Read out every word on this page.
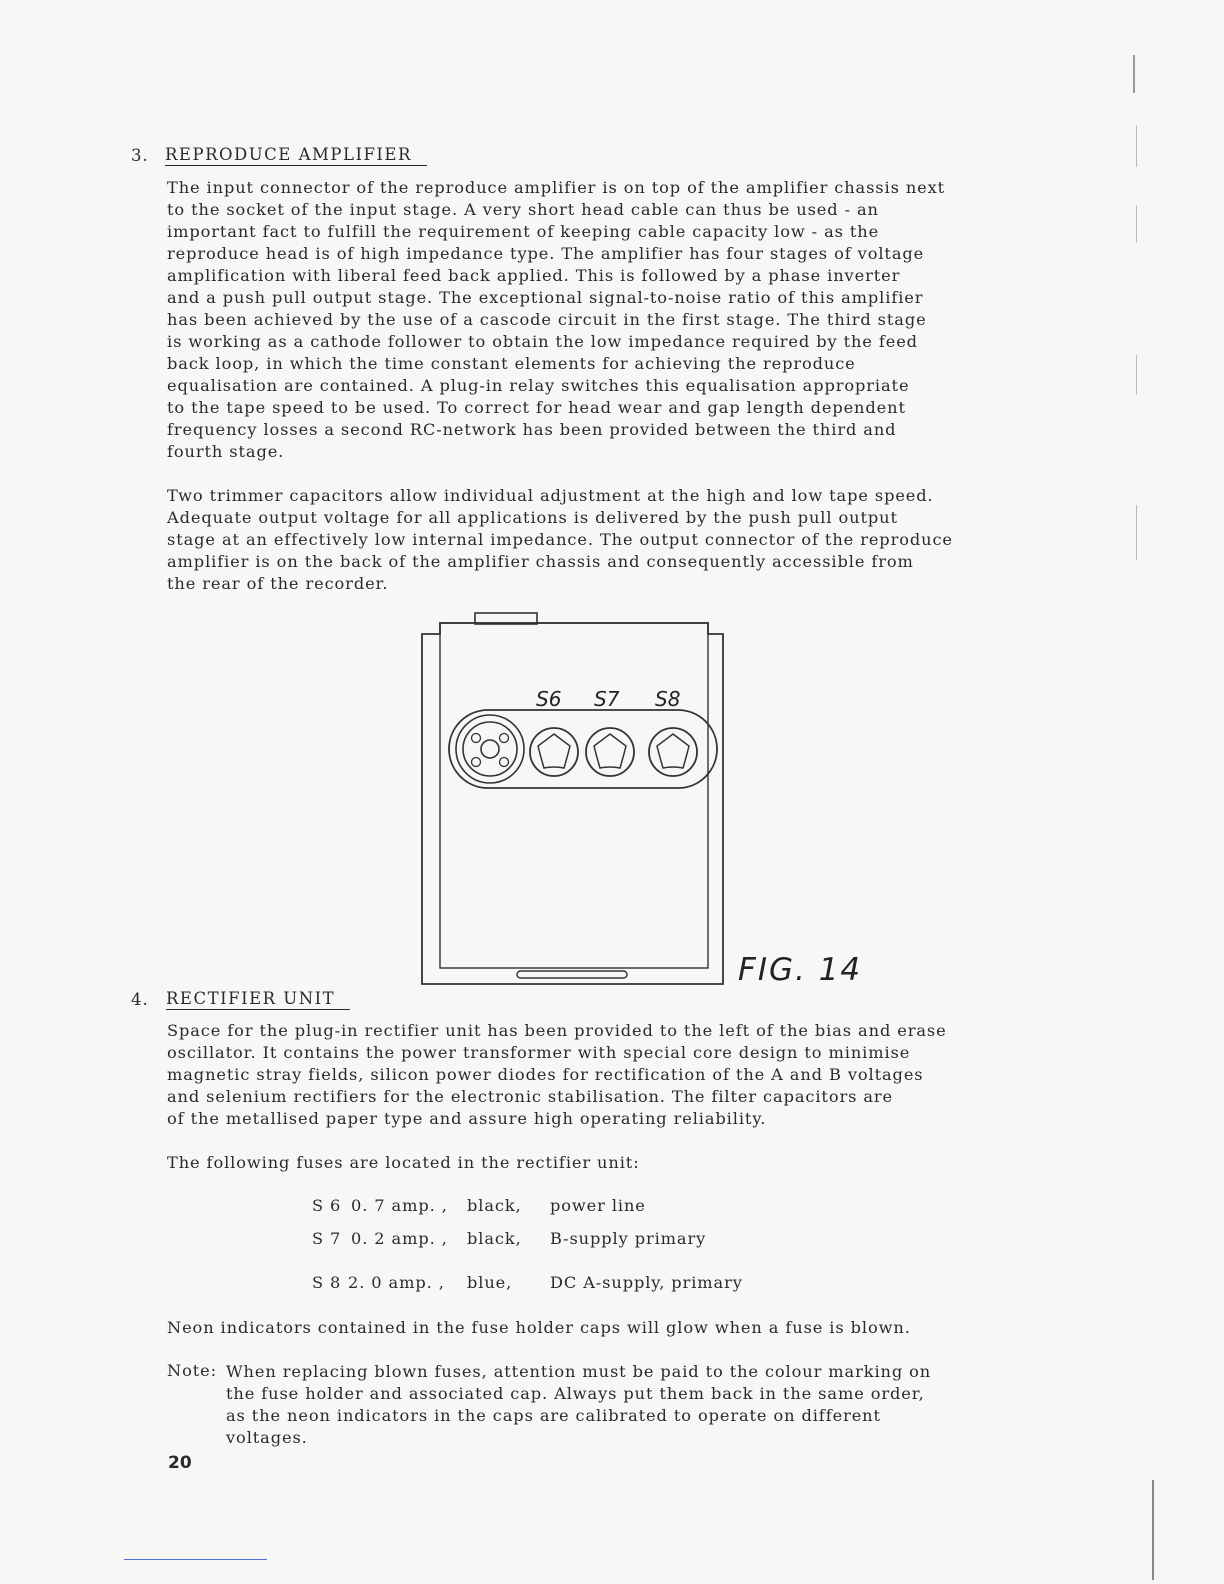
3. REPRODUCE AMPLIFIER
The input connector of the reproduce amplifier is on top of the amplifier chassis next
to the socket of the input stage. A very short head cable can thus be used - an
important fact to fulfill the requirement of keeping cable capacity low - as the
reproduce head is of high impedance type. The amplifier has four stages of voltage
amplification with liberal feed back applied. This is followed by a phase inverter
and a push pull output stage. The exceptional signal-to-noise ratio of this amplifier
has been achieved by the use of a cascode circuit in the first stage. The third stage
is working as a cathode follower to obtain the low impedance required by the feed
back loop, in which the time constant elements for achieving the reproduce
equalisation are contained. A plug-in relay switches this equalisation appropriate
to the tape speed to be used. To correct for head wear and gap length dependent
frequency losses a second RC-network has been provided between the third and
fourth stage.
Two trimmer capacitors allow individual adjustment at the high and low tape speed.
Adequate output voltage for all applications is delivered by the push pull output
stage at an effectively low internal impedance. The output connector of the reproduce
amplifier is on the back of the amplifier chassis and consequently accessible from
the rear of the recorder.
S6 S7 S8
FIG. 14
4. RECTIFIER UNIT
Space for the plug-in rectifier unit has been provided to the left of the bias and erase
oscillator. It contains the power transformer with special core design to minimise
magnetic stray fields, silicon power diodes for rectification of the A and B voltages
and selenium rectifiers for the electronic stabilisation. The filter capacitors are
of the metallised paper type and assure high operating reliability.
The following fuses are located in the rectifier unit:
S 6 0. 7 amp. , black, power line
S 7 0. 2 amp. , black, B-supply primary
S 8 2. 0 amp. , blue, DC A-supply, primary
Neon indicators contained in the fuse holder caps will glow when a fuse is blown.
Note: When replacing blown fuses, attention must be paid to the colour marking on
the fuse holder and associated cap. Always put them back in the same order,
as the neon indicators in the caps are calibrated to operate on different
voltages.
20
